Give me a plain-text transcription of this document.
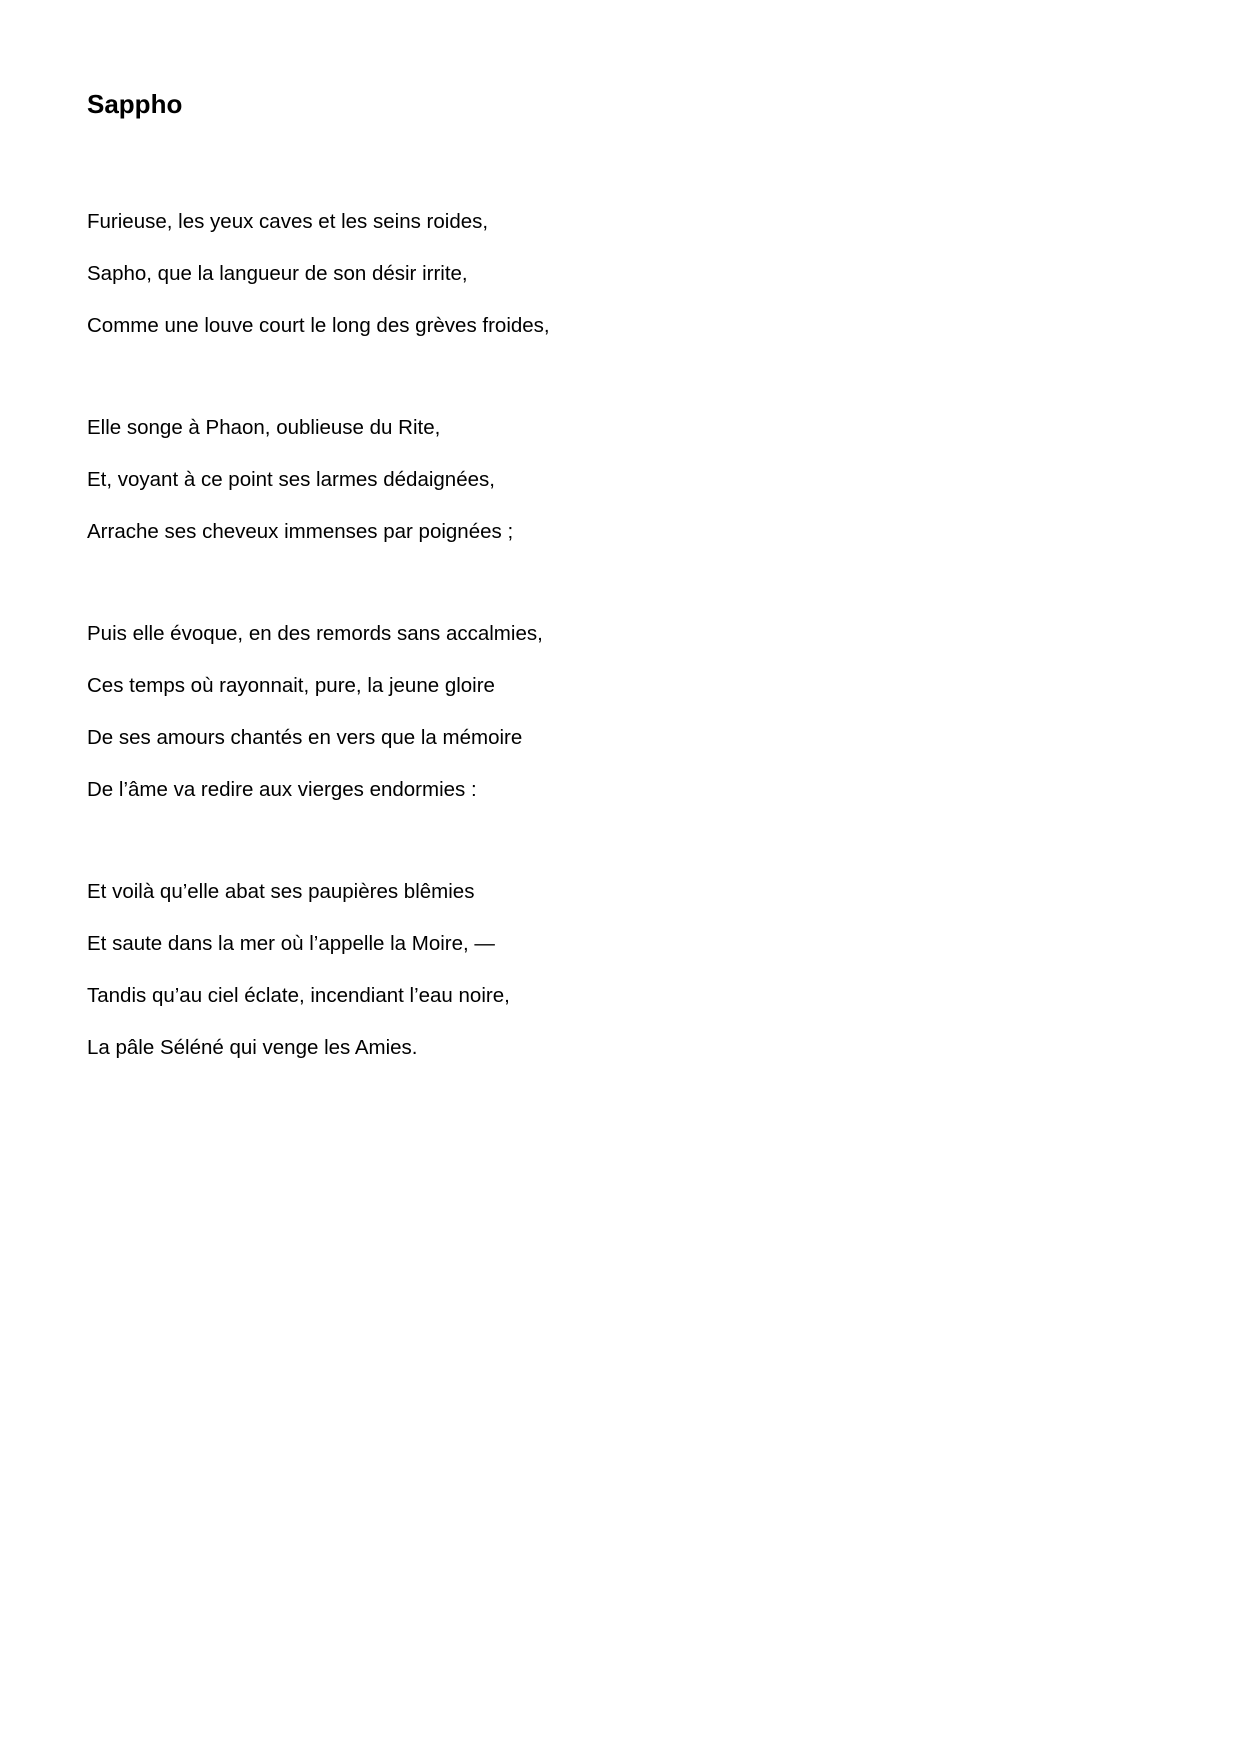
Sappho
Furieuse, les yeux caves et les seins roides,
Sapho, que la langueur de son désir irrite,
Comme une louve court le long des grèves froides,
Elle songe à Phaon, oublieuse du Rite,
Et, voyant à ce point ses larmes dédaignées,
Arrache ses cheveux immenses par poignées ;
Puis elle évoque, en des remords sans accalmies,
Ces temps où rayonnait, pure, la jeune gloire
De ses amours chantés en vers que la mémoire
De l’âme va redire aux vierges endormies :
Et voilà qu’elle abat ses paupières blêmies
Et saute dans la mer où l’appelle la Moire, —
Tandis qu’au ciel éclate, incendiant l’eau noire,
La pâle Séléné qui venge les Amies.
